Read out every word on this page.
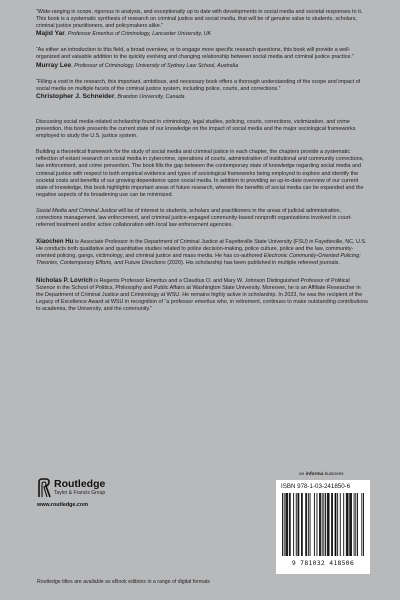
“Wide-ranging in scope, rigorous in analysis, and exceptionally up to date with developments in social media and societal responses to it. This book is a systematic synthesis of research on criminal justice and social media, that will be of genuine value to students, scholars, criminal justice practitioners, and policymakers alike.”

Majid Yar, Professor Emeritus of Criminology, Lancaster University, UK

“As either an introduction to this field, a broad overview, or to engage more specific research questions, this book will provide a well-organized and valuable addition to the quickly evolving and changing relationship between social media and criminal justice practice.”

Murray Lee, Professor of Criminology, University of Sydney Law School, Australia

“Filling a void in the research, this important, ambitious, and necessary book offers a thorough understanding of the scope and impact of social media on multiple facets of the criminal justice system, including police, courts, and corrections.”

Christopher J. Schneider, Brandon University, Canada

Discussing social media-related scholarship found in criminology, legal studies, policing, courts, corrections, victimization, and crime prevention, this book presents the current state of our knowledge on the impact of social media and the major sociological frameworks employed to study the U.S. justice system.

Building a theoretical framework for the study of social media and criminal justice in each chapter, the chapters provide a systematic reflection of extant research on social media in cybercrime, operations of courts, administration of institutional and community corrections, law enforcement, and crime prevention. The book fills the gap between the contemporary state of knowledge regarding social media and criminal justice with respect to both empirical evidence and types of sociological frameworks being employed to explore and identify the societal costs and benefits of our growing dependence upon social media. In addition to providing an up-to-date overview of our current state of knowledge, this book highlights important areas of future research, wherein the benefits of social media can be expanded and the negative aspects of its broadening use can be minimized.

Social Media and Criminal Justice will be of interest to students, scholars and practitioners in the areas of judicial administration, corrections management, law enforcement, and criminal justice-engaged community-based nonprofit organizations involved in court-referred treatment and/or active collaboration with local law enforcement agencies.

Xiaochen Hu is Associate Professor in the Department of Criminal Justice at Fayetteville State University (FSU) in Fayetteville, NC, U.S. He conducts both qualitative and quantitative studies related to police decision-making, police culture, police and the law, community-oriented policing, gangs, victimology, and criminal justice and mass media. He has co-authored Electronic Community-Oriented Policing: Theories, Contemporary Efforts, and Future Directions (2020). His scholarship has been published in multiple refereed journals.

Nicholas P. Lovrich is Regents Professor Emeritus and a Claudius O. and Mary W. Johnson Distinguished Professor of Political Science in the School of Politics, Philosophy and Public Affairs at Washington State University. Moreover, he is an Affiliate Researcher in the Department of Criminal Justice and Criminology at WSU. He remains highly active in scholarship. In 2023, he was the recipient of the Legacy of Excellence Award at WSU in recognition of “a professor emeritus who, in retirement, continues to make outstanding contributions to academia, the University, and the community.”

Routledge
Taylor & Francis Group
www.routledge.com
an informa business
ISBN 978-1-03-241850-6
9 781032 418506
Routledge titles are available as eBook editions in a range of digital formats
